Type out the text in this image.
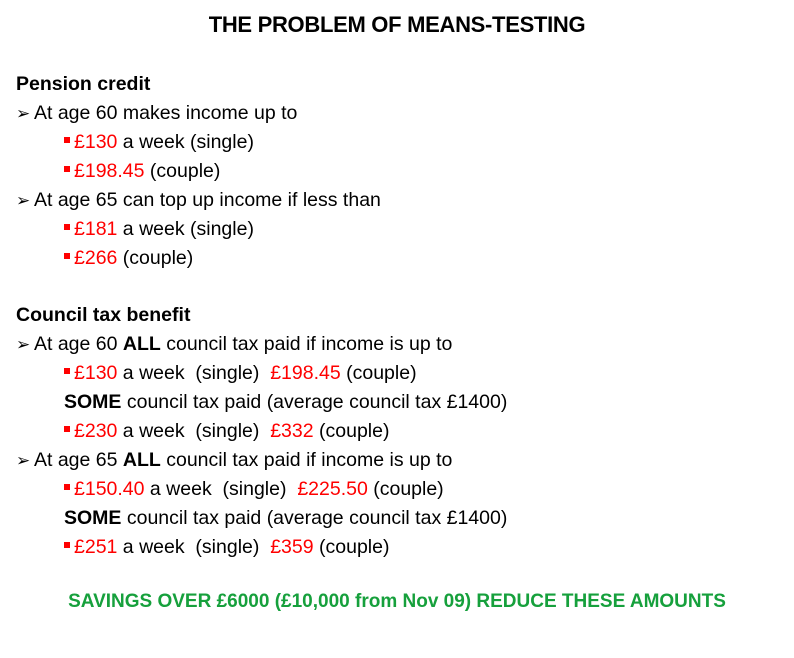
THE PROBLEM OF MEANS-TESTING
Pension credit
➢ At age 60 makes income up to
£130 a week (single)
£198.45 (couple)
➢ At age 65 can top up income if less than
£181 a week (single)
£266 (couple)
Council tax benefit
➢ At age 60 ALL council tax paid if income is up to
£130 a week  (single)  £198.45 (couple)
SOME council tax paid (average council tax £1400)
£230 a week  (single)  £332 (couple)
➢ At age 65 ALL council tax paid if income is up to
£150.40 a week  (single)  £225.50 (couple)
SOME council tax paid (average council tax £1400)
£251 a week  (single)  £359 (couple)
SAVINGS OVER £6000 (£10,000 from Nov 09) REDUCE THESE AMOUNTS
